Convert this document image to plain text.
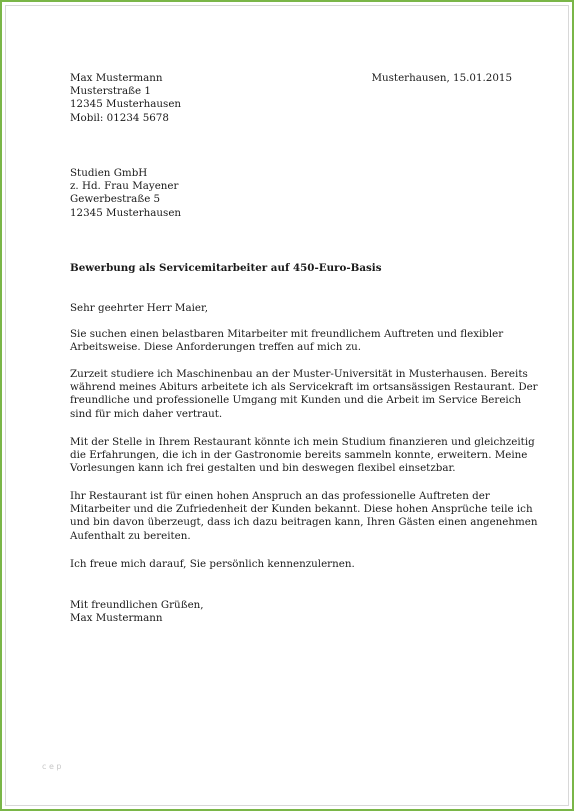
Max Mustermann
Musterstraße 1
12345 Musterhausen
Mobil: 01234 5678
Musterhausen, 15.01.2015
Studien GmbH
z. Hd. Frau Mayener
Gewerbestraße 5
12345 Musterhausen
Bewerbung als Servicemitarbeiter auf 450-Euro-Basis
Sehr geehrter Herr Maier,
Sie suchen einen belastbaren Mitarbeiter mit freundlichem Auftreten und flexibler
Arbeitsweise. Diese Anforderungen treffen auf mich zu.
Zurzeit studiere ich Maschinenbau an der Muster-Universität in Musterhausen. Bereits
während meines Abiturs arbeitete ich als Servicekraft im ortsansässigen Restaurant. Der
freundliche und professionelle Umgang mit Kunden und die Arbeit im Service Bereich
sind für mich daher vertraut.
Mit der Stelle in Ihrem Restaurant könnte ich mein Studium finanzieren und gleichzeitig
die Erfahrungen, die ich in der Gastronomie bereits sammeln konnte, erweitern. Meine
Vorlesungen kann ich frei gestalten und bin deswegen flexibel einsetzbar.
Ihr Restaurant ist für einen hohen Anspruch an das professionelle Auftreten der
Mitarbeiter und die Zufriedenheit der Kunden bekannt. Diese hohen Ansprüche teile ich
und bin davon überzeugt, dass ich dazu beitragen kann, Ihren Gästen einen angenehmen
Aufenthalt zu bereiten.
Ich freue mich darauf, Sie persönlich kennenzulernen.
Mit freundlichen Grüßen,
Max Mustermann
c e p
